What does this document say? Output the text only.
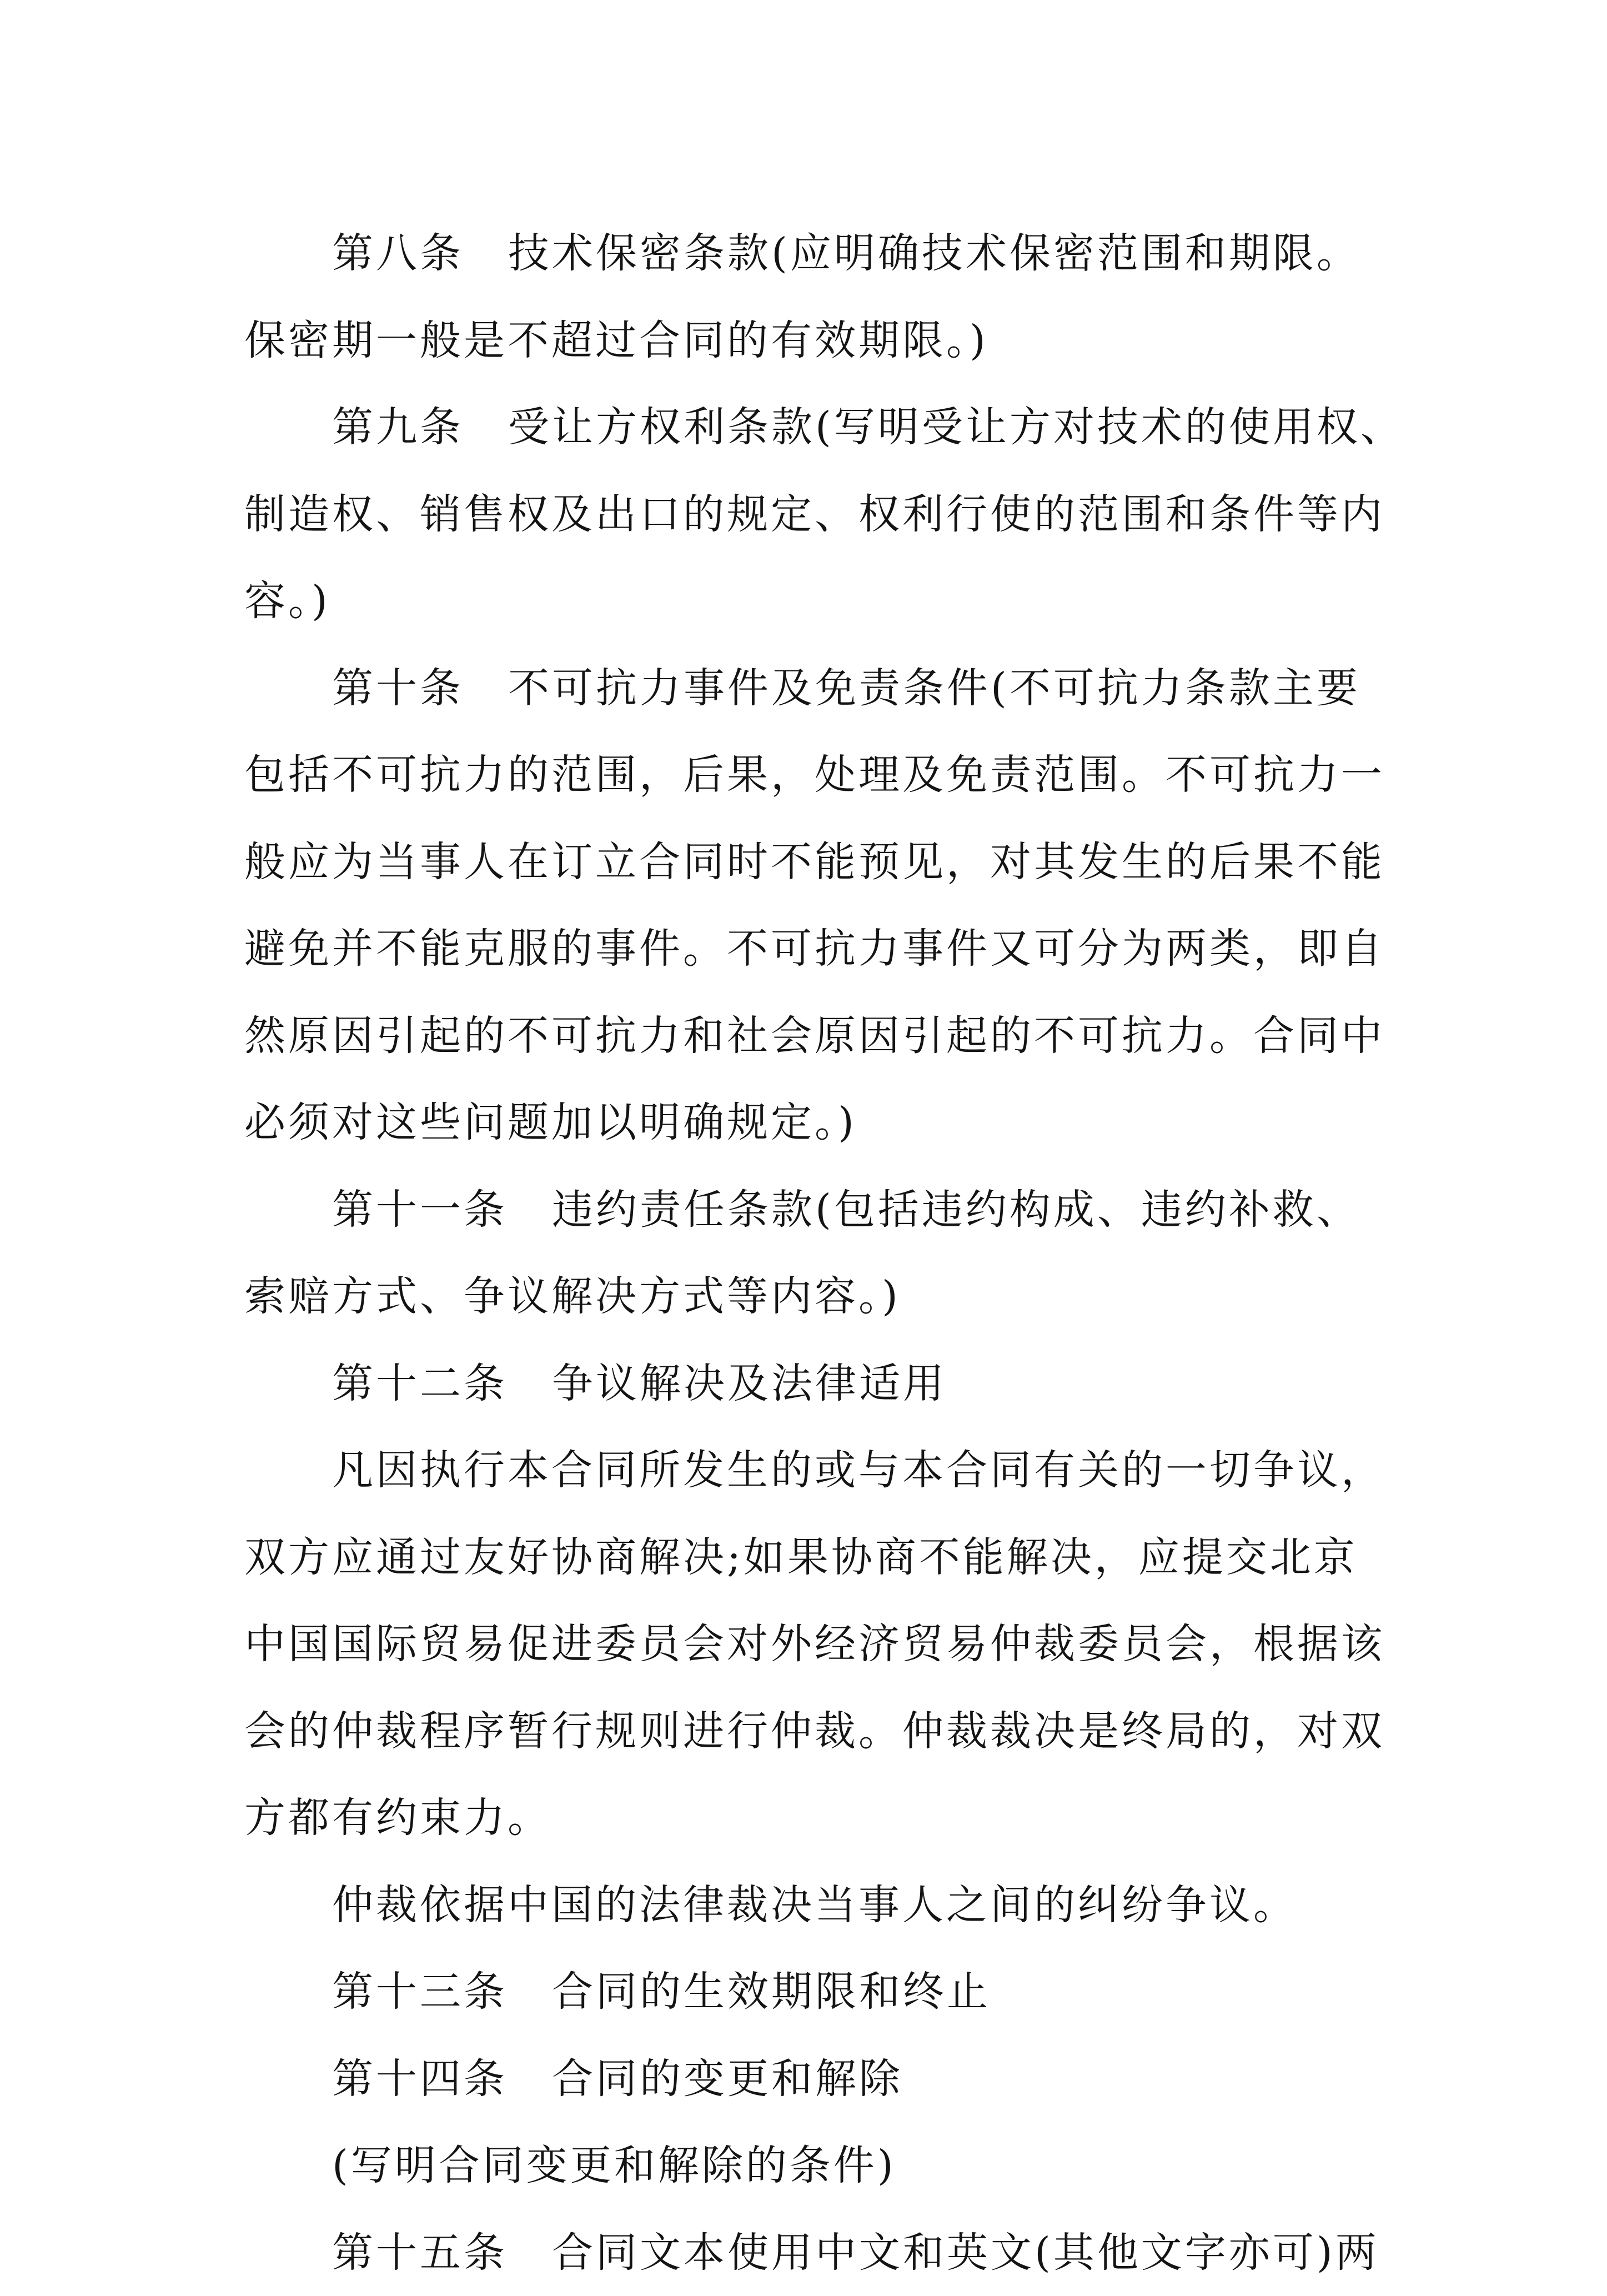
第八条 技术保密条款(应明确技术保密范围和期限。
保密期一般是不超过合同的有效期限。)
第九条 受让方权利条款(写明受让方对技术的使用权、
制造权、销售权及出口的规定、权利行使的范围和条件等内
容。)
第十条 不可抗力事件及免责条件(不可抗力条款主要
包括不可抗力的范围，后果，处理及免责范围。不可抗力一
般应为当事人在订立合同时不能预见，对其发生的后果不能
避免并不能克服的事件。不可抗力事件又可分为两类，即自
然原因引起的不可抗力和社会原因引起的不可抗力。合同中
必须对这些问题加以明确规定。)
第十一条 违约责任条款(包括违约构成、违约补救、
索赔方式、争议解决方式等内容。)
第十二条 争议解决及法律适用
凡因执行本合同所发生的或与本合同有关的一切争议，
双方应通过友好协商解决;如果协商不能解决，应提交北京
中国国际贸易促进委员会对外经济贸易仲裁委员会，根据该
会的仲裁程序暂行规则进行仲裁。仲裁裁决是终局的，对双
方都有约束力。
仲裁依据中国的法律裁决当事人之间的纠纷争议。
第十三条 合同的生效期限和终止
第十四条 合同的变更和解除
(写明合同变更和解除的条件)
第十五条 合同文本使用中文和英文(其他文字亦可)两
